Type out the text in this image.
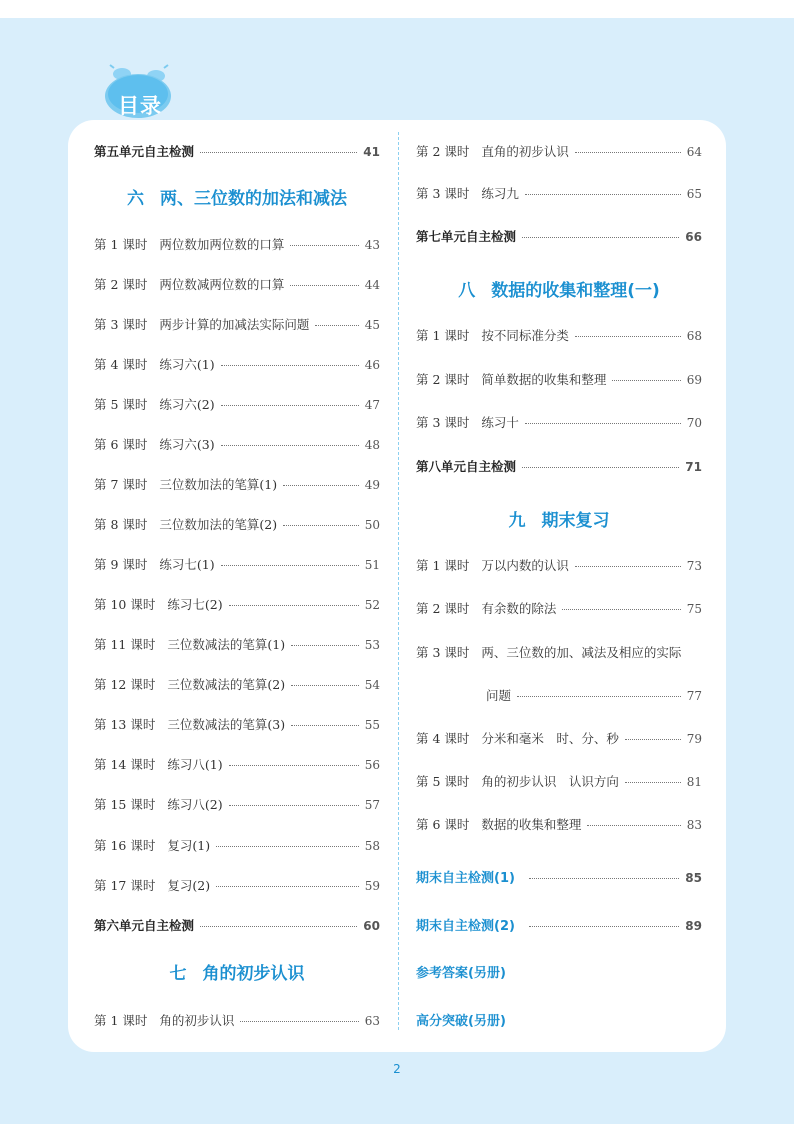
目录
第五单元自主检测	41
六 两、三位数的加法和减法
第 1 课时 两位数加两位数的口算	43
第 2 课时 两位数减两位数的口算	44
第 3 课时 两步计算的加减法实际问题	45
第 4 课时 练习六(1)	46
第 5 课时 练习六(2)	47
第 6 课时 练习六(3)	48
第 7 课时 三位数加法的笔算(1)	49
第 8 课时 三位数加法的笔算(2)	50
第 9 课时 练习七(1)	51
第 10 课时 练习七(2)	52
第 11 课时 三位数减法的笔算(1)	53
第 12 课时 三位数减法的笔算(2)	54
第 13 课时 三位数减法的笔算(3)	55
第 14 课时 练习八(1)	56
第 15 课时 练习八(2)	57
第 16 课时 复习(1)	58
第 17 课时 复习(2)	59
第六单元自主检测	60
七 角的初步认识
第 1 课时 角的初步认识	63
第 2 课时 直角的初步认识	64
第 3 课时 练习九	65
第七单元自主检测	66
八 数据的收集和整理(一)
第 1 课时 按不同标准分类	68
第 2 课时 简单数据的收集和整理	69
第 3 课时 练习十	70
第八单元自主检测	71
九 期末复习
第 1 课时 万以内数的认识	73
第 2 课时 有余数的除法	75
第 3 课时 两、三位数的加、减法及相应的实际
问题	77
第 4 课时 分米和毫米　时、分、秒	79
第 5 课时 角的初步认识　认识方向	81
第 6 课时 数据的收集和整理	83
期末自主检测(1)	85
期末自主检测(2)	89
参考答案(另册)
高分突破(另册)
2
